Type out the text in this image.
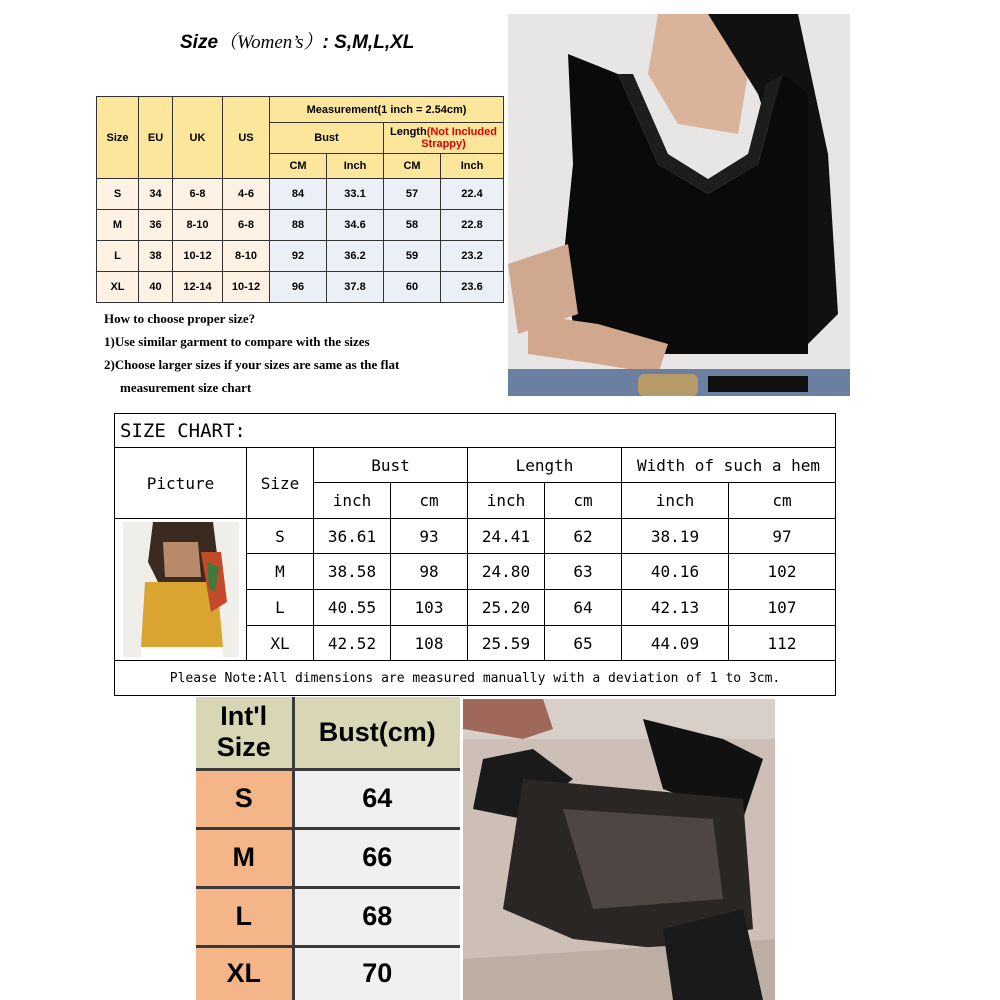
Size（Women’s）: S,M,L,XL
Size	EU	UK	US	Measurement(1 inch = 2.54cm)			
				Bust		Length(Not Included Strappy)	
				CM	Inch	CM	Inch
S	34	6-8	4-6	84	33.1	57	22.4
M	36	8-10	6-8	88	34.6	58	22.8
L	38	10-12	8-10	92	36.2	59	23.2
XL	40	12-14	10-12	96	37.8	60	23.6
How to choose proper size?
1)Use similar garment to compare with the sizes
2)Choose larger sizes if your sizes are same as the flat
measurement size chart
SIZE CHART:							
Picture	Size	Bust		Length		Width of such a hem	
		inch	cm	inch	cm	inch	cm

	S	36.61	93	24.41	62	38.19	97
	M	38.58	98	24.80	63	40.16	102
	L	40.55	103	25.20	64	42.13	107
	XL	42.52	108	25.59	65	44.09	112
Please Note:All dimensions are measured manually with a deviation of 1 to 3cm.							
Int'l
Size	Bust(cm)
S	64
M	66
L	68
XL	70
